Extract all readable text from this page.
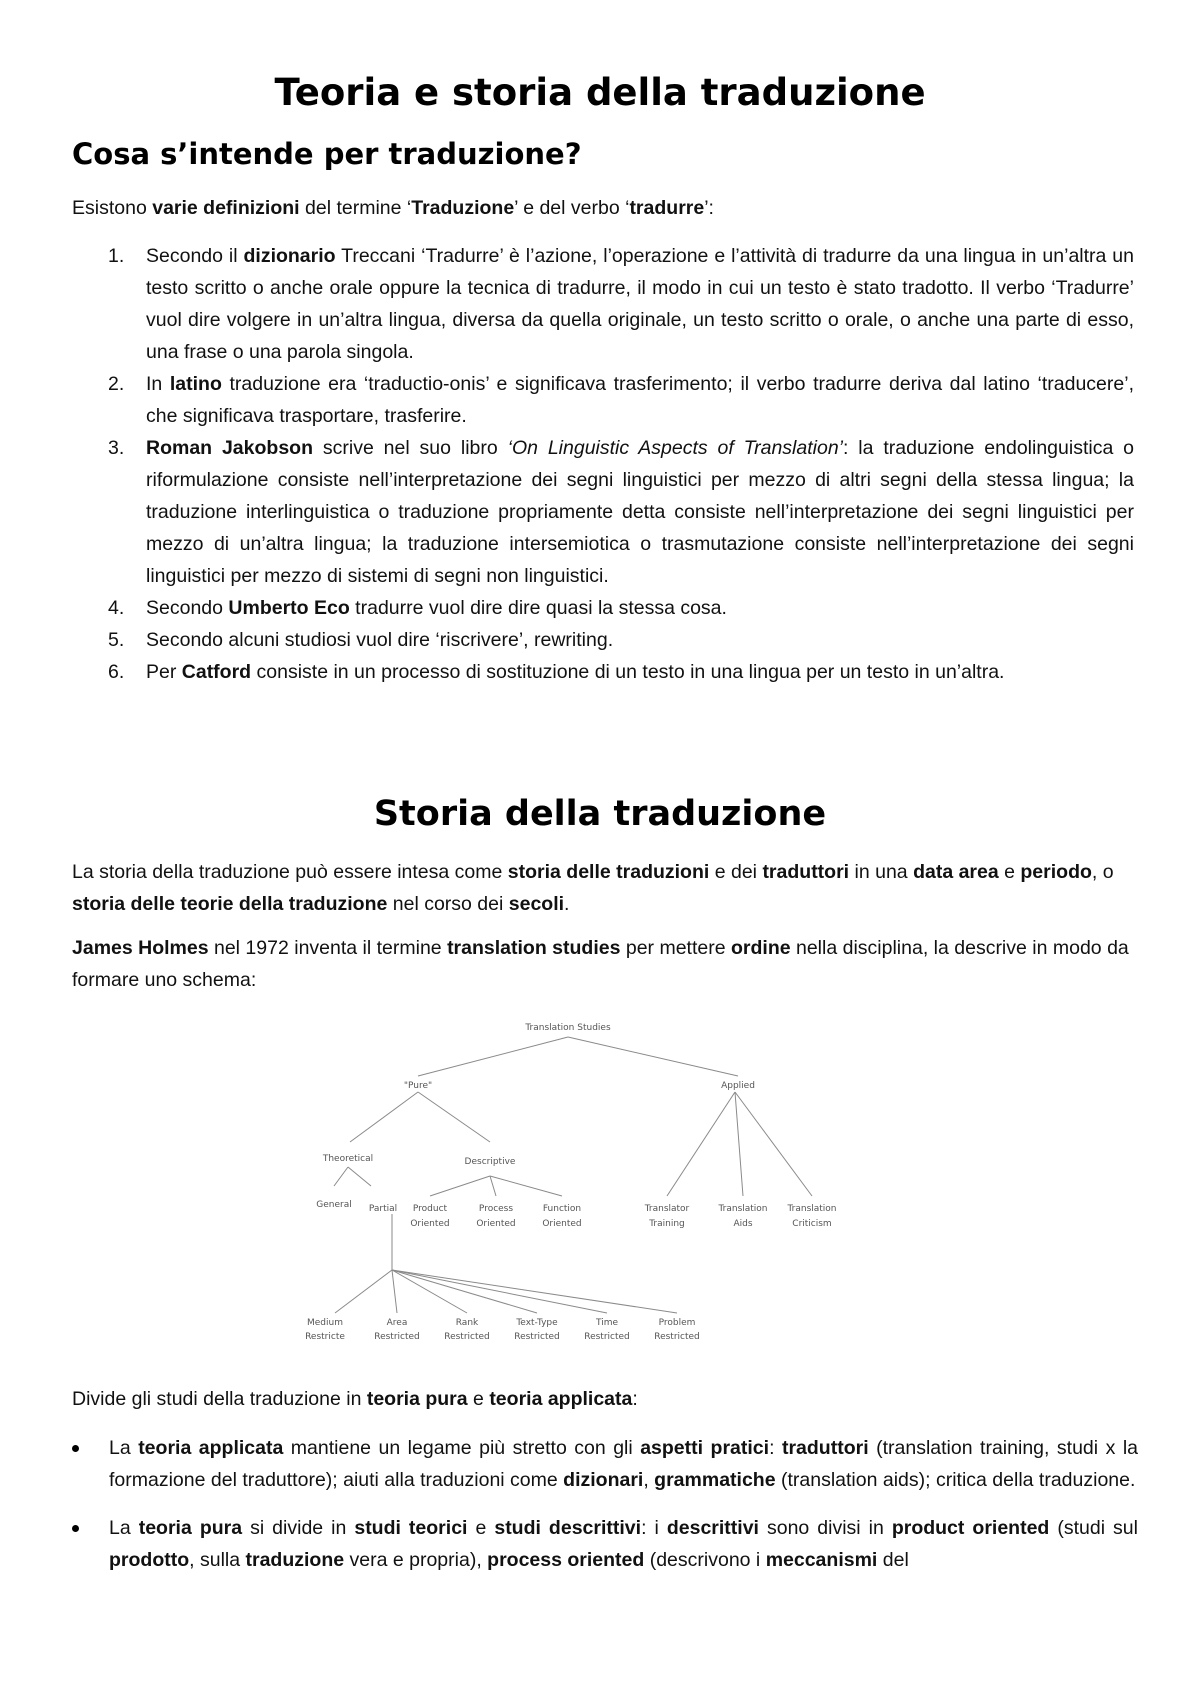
Teoria e storia della traduzione
Cosa s’intende per traduzione?

Esistono varie definizioni del termine ‘Traduzione’ e del verbo ‘tradurre’:

1. Secondo il dizionario Treccani ‘Tradurre’ è l’azione, l’operazione e l’attività di tradurre da una lingua in un’altra un testo scritto o anche orale oppure la tecnica di tradurre, il modo in cui un testo è stato tradotto. Il verbo ‘Tradurre’ vuol dire volgere in un’altra lingua, diversa da quella originale, un testo scritto o orale, o anche una parte di esso, una frase o una parola singola.
2. In latino traduzione era ‘traductio-onis’ e significava trasferimento; il verbo tradurre deriva dal latino ‘traducere’, che significava trasportare, trasferire.
3. Roman Jakobson scrive nel suo libro ‘On Linguistic Aspects of Translation’: la traduzione endolinguistica o riformulazione consiste nell’interpretazione dei segni linguistici per mezzo di altri segni della stessa lingua; la traduzione interlinguistica o traduzione propriamente detta consiste nell’interpretazione dei segni linguistici per mezzo di un’altra lingua; la traduzione intersemiotica o trasmutazione consiste nell’interpretazione dei segni linguistici per mezzo di sistemi di segni non linguistici.
4. Secondo Umberto Eco tradurre vuol dire dire quasi la stessa cosa.
5. Secondo alcuni studiosi vuol dire ‘riscrivere’, rewriting.
6. Per Catford consiste in un processo di sostituzione di un testo in una lingua per un testo in un’altra.
Storia della traduzione

La storia della traduzione può essere intesa come storia delle traduzioni e dei traduttori in una data area e periodo, o storia delle teorie della traduzione nel corso dei secoli.

James Holmes nel 1972 inventa il termine translation studies per mettere ordine nella disciplina, la descrive in modo da formare uno schema:

Translation Studies
"Pure"	Applied
Theoretical	Descriptive
General Partial Product
Oriented
Process
Oriented
Function
Oriented
Translator
Training
Translation
Aids
Translation
Criticism
Medium
Restricte
Area
Restricted
Rank
Restricted
Text-Type
Restricted
Time
Restricted
Problem
Restricted

Divide gli studi della traduzione in teoria pura e teoria applicata:

La teoria applicata mantiene un legame più stretto con gli aspetti pratici: traduttori (translation training, studi x la formazione del traduttore); aiuti alla traduzioni come dizionari, grammatiche (translation aids); critica della traduzione.
La teoria pura si divide in studi teorici e studi descrittivi: i descrittivi sono divisi in product oriented (studi sul prodotto, sulla traduzione vera e propria), process oriented (descrivono i meccanismi del
